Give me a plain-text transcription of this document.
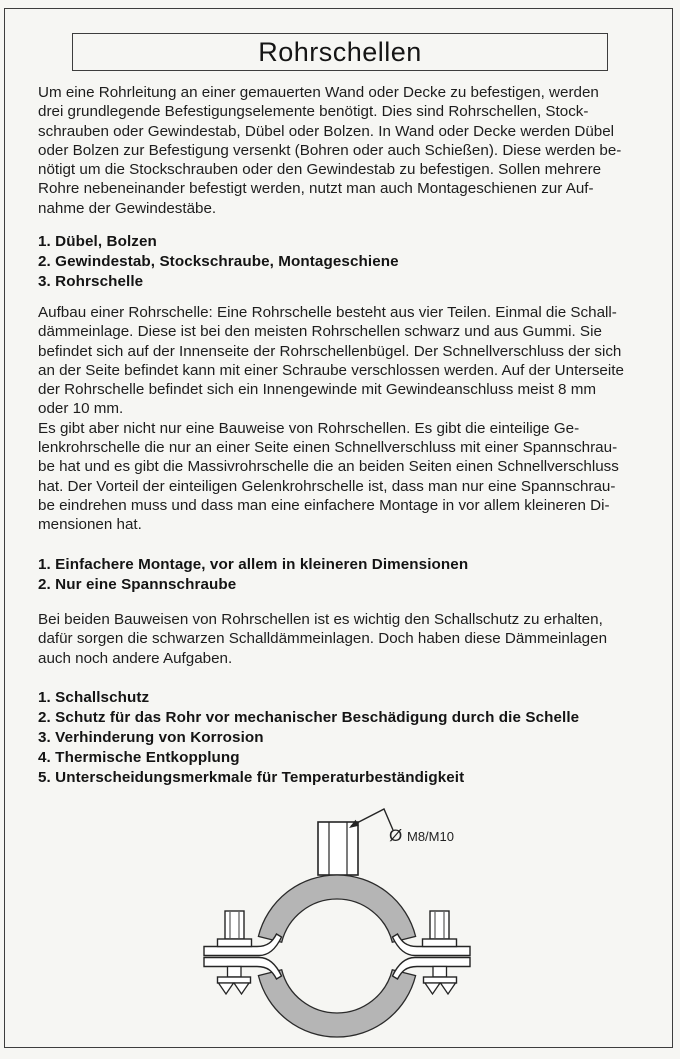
Rohrschellen
Um eine Rohrleitung an einer gemauerten Wand oder Decke zu befestigen, werden
drei grundlegende Befestigungselemente benötigt. Dies sind Rohrschellen, Stock-
schrauben oder Gewindestab, Dübel oder Bolzen. In Wand oder Decke werden Dübel
oder Bolzen zur Befestigung versenkt (Bohren oder auch Schießen). Diese werden be-
nötigt um die Stockschrauben oder den Gewindestab zu befestigen. Sollen mehrere
Rohre nebeneinander befestigt werden, nutzt man auch Montageschienen zur Auf-
nahme der Gewindestäbe.
1. Dübel, Bolzen
2. Gewindestab, Stockschraube, Montageschiene
3. Rohrschelle
Aufbau einer Rohrschelle: Eine Rohrschelle besteht aus vier Teilen. Einmal die Schall-
dämmeinlage. Diese ist bei den meisten Rohrschellen schwarz und aus Gummi. Sie
befindet sich auf der Innenseite der Rohrschellenbügel. Der Schnellverschluss der sich
an der Seite befindet kann mit einer Schraube verschlossen werden. Auf der Unterseite
der Rohrschelle befindet sich ein Innengewinde mit Gewindeanschluss meist 8 mm
oder 10 mm.
Es gibt aber nicht nur eine Bauweise von Rohrschellen. Es gibt die einteilige Ge-
lenkrohrschelle die nur an einer Seite einen Schnellverschluss mit einer Spannschrau-
be hat und es gibt die Massivrohrschelle die an beiden Seiten einen Schnellverschluss
hat. Der Vorteil der einteiligen Gelenkrohrschelle ist, dass man nur eine Spannschrau-
be eindrehen muss und dass man eine einfachere Montage in vor allem kleineren Di-
mensionen hat.
1. Einfachere Montage, vor allem in kleineren Dimensionen
2. Nur eine Spannschraube
Bei beiden Bauweisen von Rohrschellen ist es wichtig den Schallschutz zu erhalten,
dafür sorgen die schwarzen Schalldämmeinlagen. Doch haben diese Dämmeinlagen
auch noch andere Aufgaben.
1. Schallschutz
2. Schutz für das Rohr vor mechanischer Beschädigung durch die Schelle
3. Verhinderung von Korrosion
4. Thermische Entkopplung
5. Unterscheidungsmerkmale für Temperaturbeständigkeit
Ø M8/M10
